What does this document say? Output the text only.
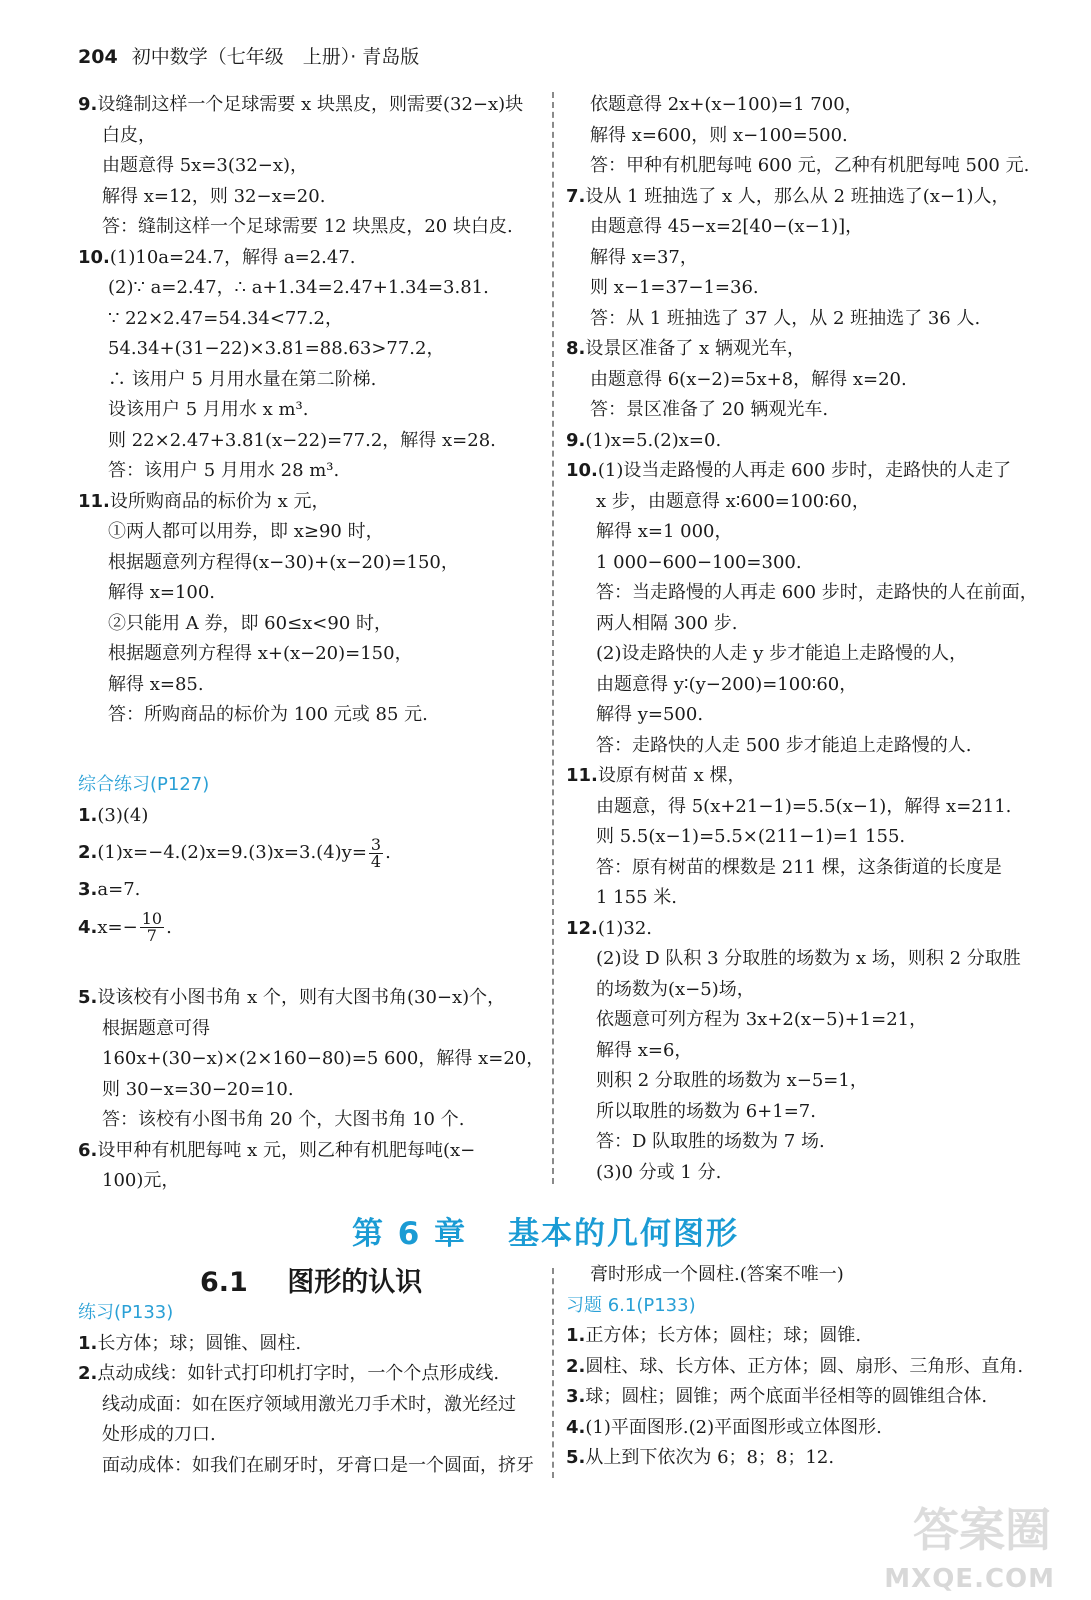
204 初中数学（七年级　上册）· 青岛版
9.设缝制这样一个足球需要 x 块黑皮，则需要(32−x)块
白皮，
由题意得 5x=3(32−x)，
解得 x=12，则 32−x=20.
答：缝制这样一个足球需要 12 块黑皮，20 块白皮.
10.(1)10a=24.7，解得 a=2.47.
(2)∵ a=2.47，∴ a+1.34=2.47+1.34=3.81.
∵ 22×2.47=54.34<77.2，
54.34+(31−22)×3.81=88.63>77.2，
∴ 该用户 5 月用水量在第二阶梯.
设该用户 5 月用水 x m³.
则 22×2.47+3.81(x−22)=77.2，解得 x=28.
答：该用户 5 月用水 28 m³.
11.设所购商品的标价为 x 元，
①两人都可以用券，即 x≥90 时，
根据题意列方程得(x−30)+(x−20)=150，
解得 x=100.
②只能用 A 券，即 60≤x<90 时，
根据题意列方程得 x+(x−20)=150，
解得 x=85.
答：所购商品的标价为 100 元或 85 元.
综合练习(P127)
1.(3)(4)
$2.(1)x=-4.(2)x=9.(3)x=3.(4)y= \frac{3}{4}$ .
3.a=7.
$4.x=- \frac{10}{7}$ .
5.设该校有小图书角 x 个，则有大图书角(30−x)个，
根据题意可得
160x+(30−x)×(2×160−80)=5 600，解得 x=20，
则 30−x=30−20=10.
答：该校有小图书角 20 个，大图书角 10 个.
6.设甲种有机肥每吨 x 元，则乙种有机肥每吨(x−
100)元，
依题意得 2x+(x−100)=1 700，
解得 x=600，则 x−100=500.
答：甲种有机肥每吨 600 元，乙种有机肥每吨 500 元.
7.设从 1 班抽选了 x 人，那么从 2 班抽选了(x−1)人，
由题意得 45−x=2[40−(x−1)]，
解得 x=37，
则 x−1=37−1=36.
答：从 1 班抽选了 37 人，从 2 班抽选了 36 人.
8.设景区准备了 x 辆观光车，
由题意得 6(x−2)=5x+8，解得 x=20.
答：景区准备了 20 辆观光车.
9.(1)x=5.(2)x=0.
10.(1)设当走路慢的人再走 600 步时，走路快的人走了
x 步，由题意得 x∶600=100∶60，
解得 x=1 000，
1 000−600−100=300.
答：当走路慢的人再走 600 步时，走路快的人在前面，
两人相隔 300 步.
(2)设走路快的人走 y 步才能追上走路慢的人，
由题意得 y∶(y−200)=100∶60，
解得 y=500.
答：走路快的人走 500 步才能追上走路慢的人.
11.设原有树苗 x 棵，
由题意，得 5(x+21−1)=5.5(x−1)，解得 x=211.
则 5.5(x−1)=5.5×(211−1)=1 155.
答：原有树苗的棵数是 211 棵，这条街道的长度是
1 155 米.
12.(1)32.
(2)设 D 队积 3 分取胜的场数为 x 场，则积 2 分取胜
的场数为(x−5)场，
依题意可列方程为 3x+2(x−5)+1=21，
解得 x=6，
则积 2 分取胜的场数为 x−5=1，
所以取胜的场数为 6+1=7.
答：D 队取胜的场数为 7 场.
(3)0 分或 1 分.
第 6 章 基本的几何图形
6.1 图形的认识
练习(P133)
1.长方体；球；圆锥、圆柱.
2.点动成线：如针式打印机打字时，一个个点形成线.
线动成面：如在医疗领域用激光刀手术时，激光经过
处形成的刀口.
面动成体：如我们在刷牙时，牙膏口是一个圆面，挤牙
膏时形成一个圆柱.(答案不唯一)
习题 6.1(P133)
1.正方体；长方体；圆柱；球；圆锥.
2.圆柱、球、长方体、正方体；圆、扇形、三角形、直角.
3.球；圆柱；圆锥；两个底面半径相等的圆锥组合体.
4.(1)平面图形.(2)平面图形或立体图形.
5.从上到下依次为 6；8；8；12.
答案圈
MXQE.COM
